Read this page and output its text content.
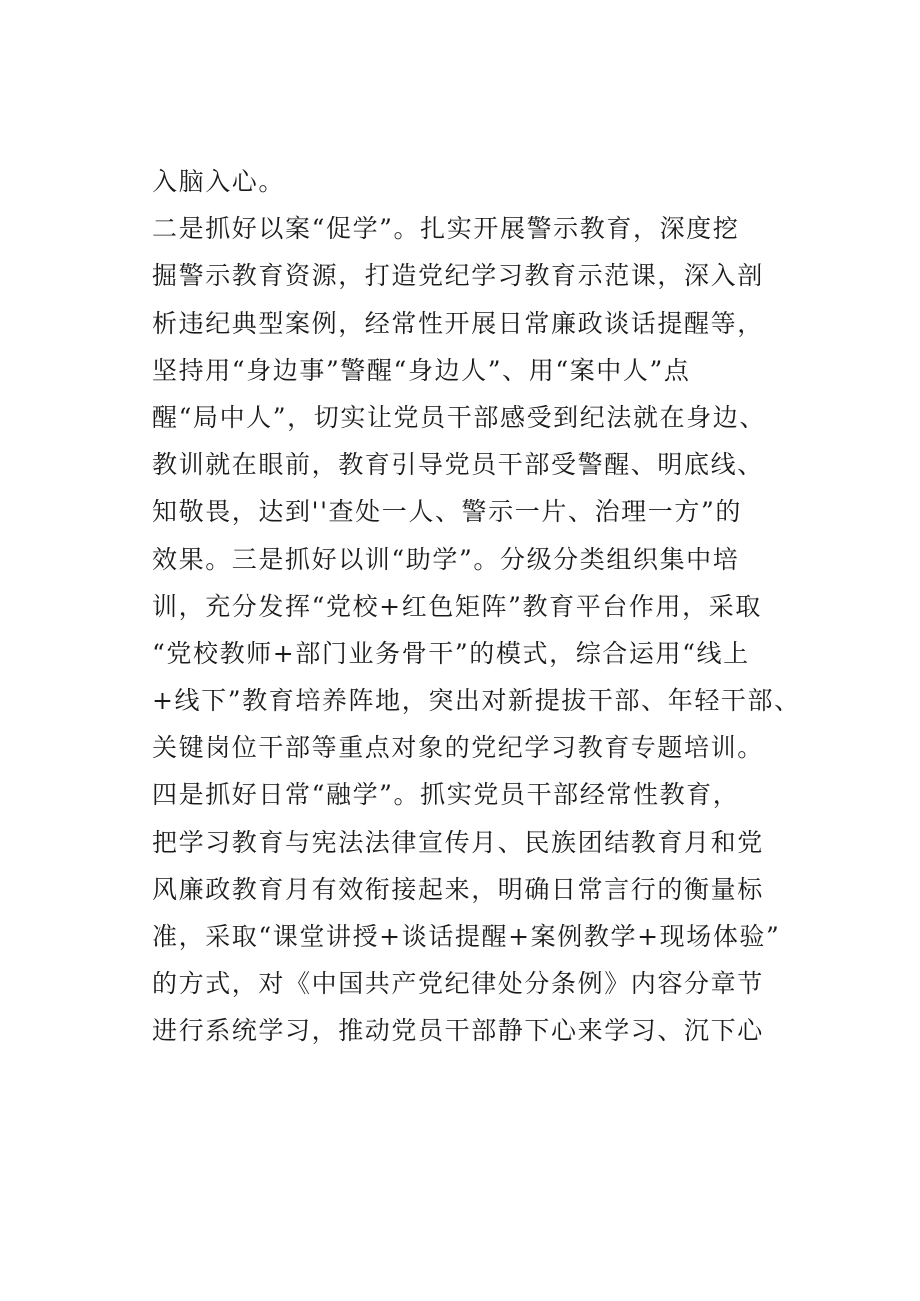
入脑入心。
二是抓好以案“促学”。扎实开展警示教育，深度挖
掘警示教育资源，打造党纪学习教育示范课，深入剖
析违纪典型案例，经常性开展日常廉政谈话提醒等，
坚持用“身边事”警醒“身边人”、用“案中人”点
醒“局中人”，切实让党员干部感受到纪法就在身边、
教训就在眼前，教育引导党员干部受警醒、明底线、
知敬畏，达到''查处一人、警示一片、治理一方”的
效果。三是抓好以训“助学”。分级分类组织集中培
训，充分发挥“党校+红色矩阵”教育平台作用，采取
“党校教师+部门业务骨干”的模式，综合运用“线上
+线下”教育培养阵地，突出对新提拔干部、年轻干部、
关键岗位干部等重点对象的党纪学习教育专题培训。
四是抓好日常“融学”。抓实党员干部经常性教育，
把学习教育与宪法法律宣传月、民族团结教育月和党
风廉政教育月有效衔接起来，明确日常言行的衡量标
准，采取“课堂讲授+谈话提醒+案例教学+现场体验”
的方式，对《中国共产党纪律处分条例》内容分章节
进行系统学习，推动党员干部静下心来学习、沉下心
